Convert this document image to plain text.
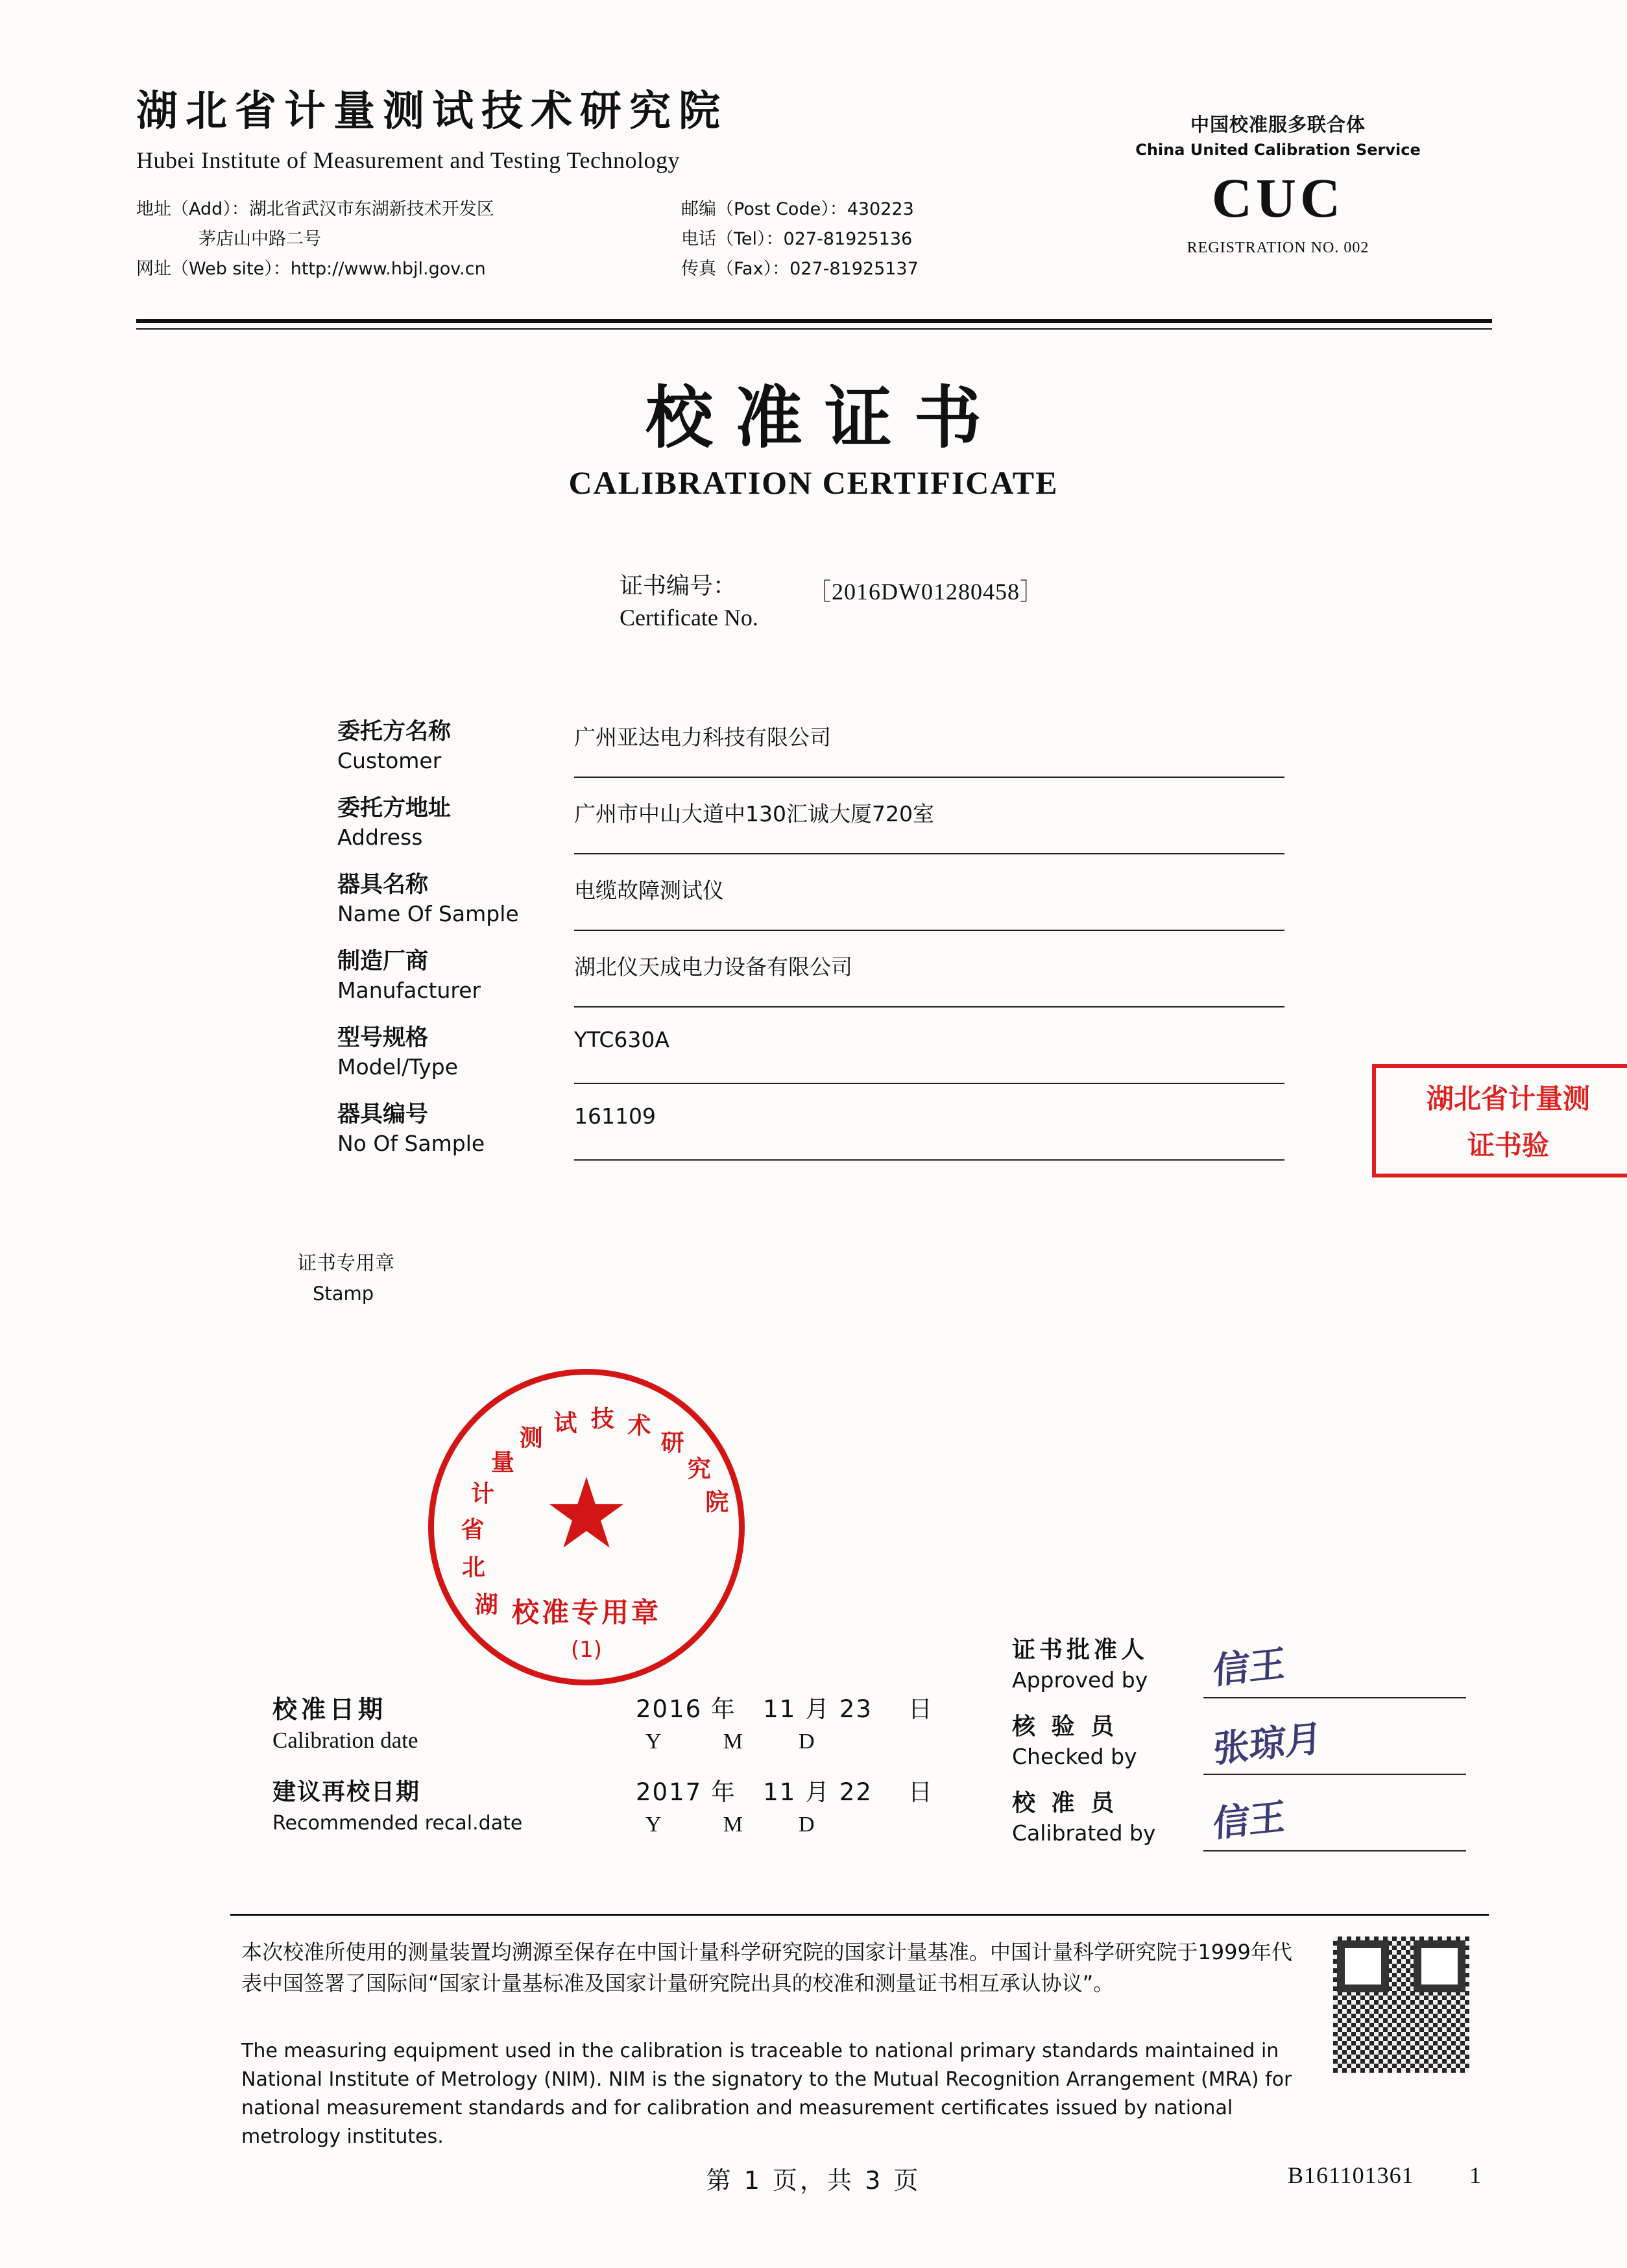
湖北省计量测试技术研究院
Hubei Institute of Measurement and Testing Technology
地址（Add）：湖北省武汉市东湖新技术开发区
茅店山中路二号
网址（Web site）：http://www.hbjl.gov.cn
邮编（Post Code）：430223
电话（Tel）：027-81925136
传真（Fax）：027-81925137
中国校准服多联合体
China United Calibration Service
CUC
REGISTRATION NO. 002
校准证书
CALIBRATION CERTIFICATE
证书编号：
Certificate No.
［2016DW01280458］
委托方名称
Customer
广州亚达电力科技有限公司
委托方地址
Address
广州市中山大道中130汇诚大厦720室
器具名称
Name Of Sample
电缆故障测试仪
制造厂商
Manufacturer
湖北仪天成电力设备有限公司
型号规格
Model/Type
YTC630A
器具编号
No Of Sample
161109
证书专用章
Stamp
湖
北
省
计
量
测
试 技 术
研
究
院
★
校准专用章
(1)
湖北省计量测
证书验
校准日期
Calibration date
2016 年   11 月 23    日
Y         M        D
建议再校日期
Recommended recal.date
2017 年   11 月 22    日
Y         M        D
证书批准人
Approved by	信王
核 验 员
Checked by	张琼月
校 准 员
Calibrated by	信王
本次校准所使用的测量装置均溯源至保存在中国计量科学研究院的国家计量基准。中国计量科学研究院于1999年代表中国签署了国际间“国家计量基标准及国家计量研究院出具的校准和测量证书相互承认协议”。
The measuring equipment used in the calibration is traceable to national primary standards maintained in National Institute of Metrology (NIM). NIM is the signatory to the Mutual Recognition Arrangement (MRA) for national measurement standards and for calibration and measurement certificates issued by national metrology institutes.
第 1 页，共 3 页	B161101361 1
